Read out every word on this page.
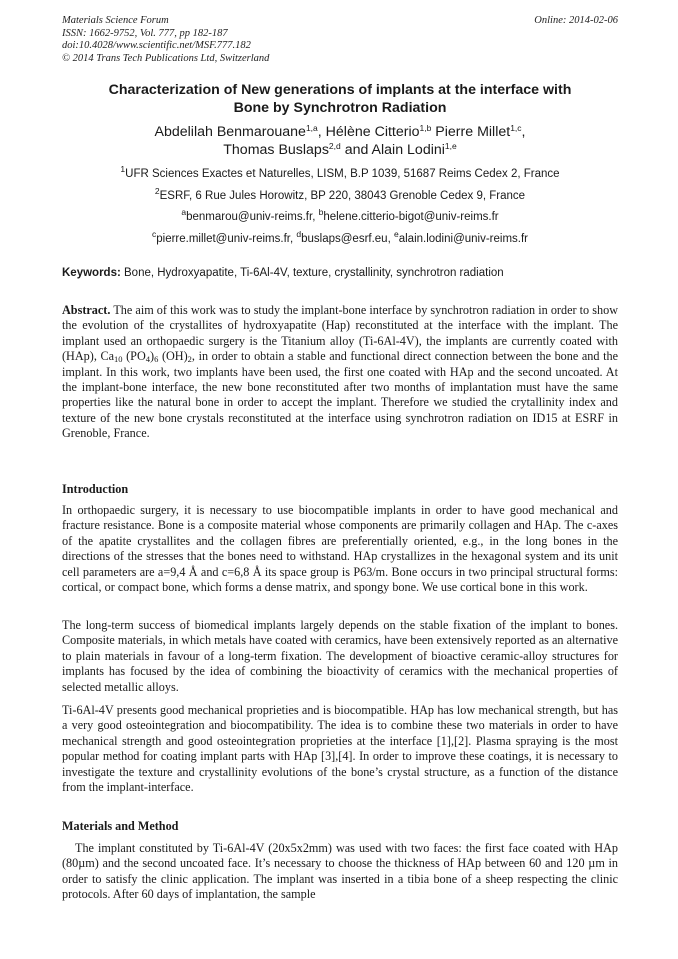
Materials Science Forum
ISSN: 1662-9752, Vol. 777, pp 182-187
doi:10.4028/www.scientific.net/MSF.777.182
© 2014 Trans Tech Publications Ltd, Switzerland
Online: 2014-02-06
Characterization of New generations of implants at the interface with
Bone by Synchrotron Radiation
Abdelilah Benmarouane$^{1,a}$, Hélène Citterio$^{1,b}$ Pierre Millet$^{1,c}$,
Thomas Buslaps$^{2,d}$ and Alain Lodini$^{1,e}$
$^1$UFR Sciences Exactes et Naturelles, LISM, B.P 1039, 51687 Reims Cedex 2, France
$^2$ESRF, 6 Rue Jules Horowitz, BP 220, 38043 Grenoble Cedex 9, France
$^a$benmarou@univ-reims.fr, $^b$helene.citterio-bigot@univ-reims.fr
$^c$pierre.millet@univ-reims.fr, $^d$buslaps@esrf.eu, $^e$alain.lodini@univ-reims.fr
Keywords: Bone, Hydroxyapatite, Ti-6Al-4V, texture, crystallinity, synchrotron radiation
Abstract. The aim of this work was to study the implant-bone interface by synchrotron radiation in order to show the evolution of the crystallites of hydroxyapatite (Hap) reconstituted at the interface with the implant. The implant used an orthopaedic surgery is the Titanium alloy (Ti-6Al-4V), the implants are currently coated with (HAp), $Ca_{10}$ $(PO_4)_6$ $(OH)_2$, in order to obtain a stable and functional direct connection between the bone and the implant. In this work, two implants have been used, the first one coated with HAp and the second uncoated. At the implant-bone interface, the new bone reconstituted after two months of implantation must have the same properties like the natural bone in order to accept the implant. Therefore we studied the crytallinity index and texture of the new bone crystals reconstituted at the interface using synchrotron radiation on ID15 at ESRF in Grenoble, France.
Introduction
In orthopaedic surgery, it is necessary to use biocompatible implants in order to have good mechanical and fracture resistance. Bone is a composite material whose components are primarily collagen and HAp. The c-axes of the apatite crystallites and the collagen fibres are preferentially oriented, e.g., in the long bones in the directions of the stresses that the bones need to withstand. HAp crystallizes in the hexagonal system and its unit cell parameters are a=9,4 Å and c=6,8 Å its space group is P63/m. Bone occurs in two principal structural forms: cortical, or compact bone, which forms a dense matrix, and spongy bone. We use cortical bone in this work.
The long-term success of biomedical implants largely depends on the stable fixation of the implant to bones. Composite materials, in which metals have coated with ceramics, have been extensively reported as an alternative to plain materials in favour of a long-term fixation. The development of bioactive ceramic-alloy structures for implants has focused by the idea of combining the bioactivity of ceramics with the mechanical properties of selected metallic alloys.
Ti-6Al-4V presents good mechanical proprieties and is biocompatible. HAp has low mechanical strength, but has a very good osteointegration and biocompatibility. The idea is to combine these two materials in order to have mechanical strength and good osteointegration proprieties at the interface [1],[2]. Plasma spraying is the most popular method for coating implant parts with HAp [3],[4]. In order to improve these coatings, it is necessary to investigate the texture and crystallinity evolutions of the bone’s crystal structure, as a function of the distance from the implant-interface.
Materials and Method
The implant constituted by Ti-6Al-4V (20x5x2mm) was used with two faces: the first face coated with HAp (80µm) and the second uncoated face. It’s necessary to choose the thickness of HAp between 60 and 120 µm in order to satisfy the clinic application. The implant was inserted in a tibia bone of a sheep respecting the clinic protocols. After 60 days of implantation, the sample
